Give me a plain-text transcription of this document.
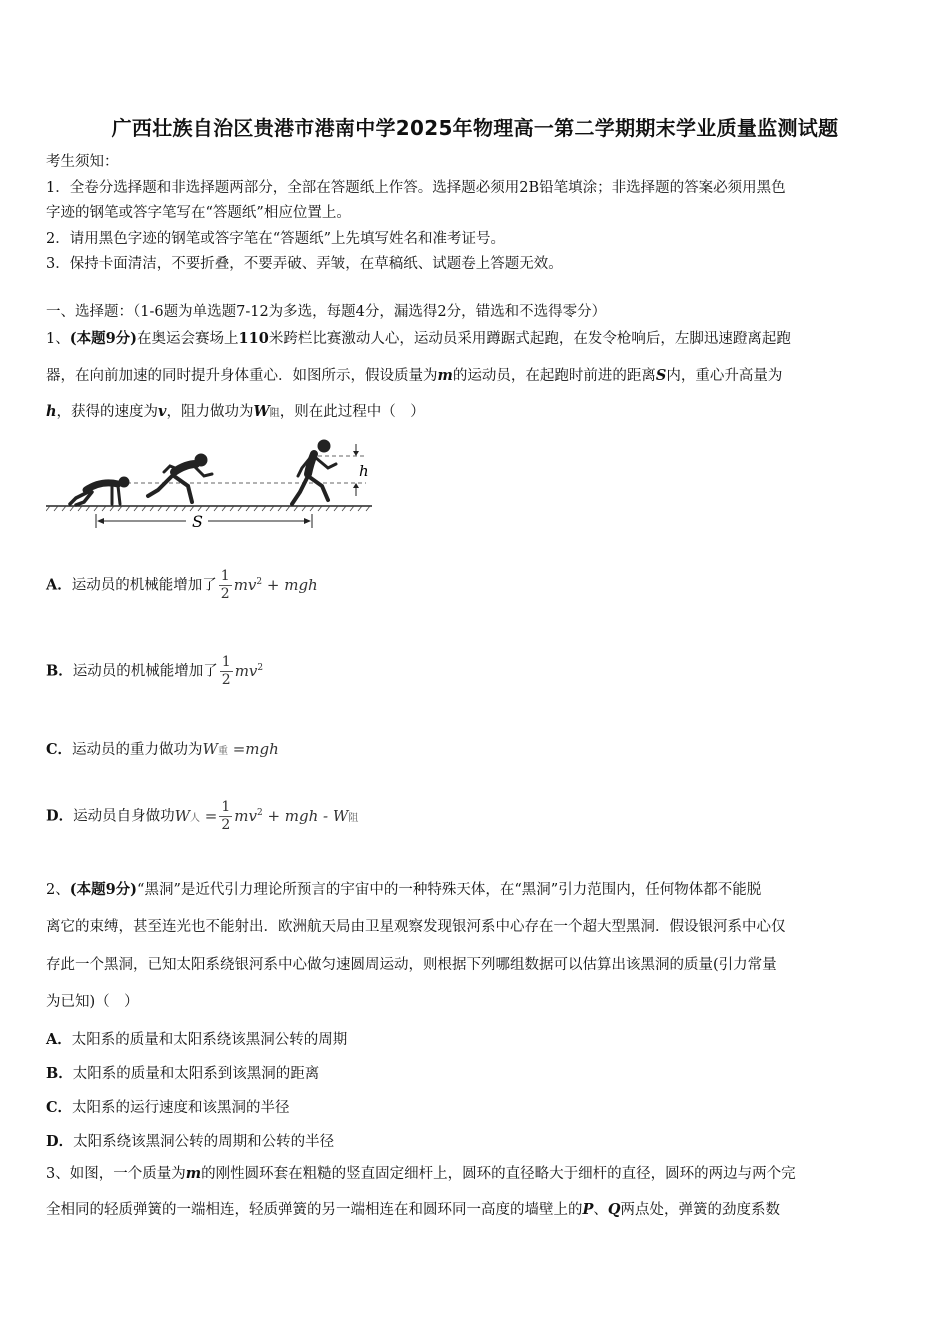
广西壮族自治区贵港市港南中学2025年物理高一第二学期期末学业质量监测试题
考生须知：
1．全卷分选择题和非选择题两部分，全部在答题纸上作答。选择题必须用2B铅笔填涂；非选择题的答案必须用黑色
字迹的钢笔或答字笔写在“答题纸”相应位置上。
2．请用黑色字迹的钢笔或答字笔在“答题纸”上先填写姓名和准考证号。
3．保持卡面清洁，不要折叠，不要弄破、弄皱，在草稿纸、试题卷上答题无效。
一、选择题：（1-6题为单选题7-12为多选，每题4分，漏选得2分，错选和不选得零分）
1、(本题9分)在奥运会赛场上110米跨栏比赛激动人心，运动员采用蹲踞式起跑，在发令枪响后，左脚迅速蹬离起跑
器，在向前加速的同时提升身体重心．如图所示，假设质量为m的运动员，在起跑时前进的距离S内，重心升高量为
h，获得的速度为v，阻力做功为W阻，则在此过程中（　）
h
S
A．运动员的机械能增加了 $\frac{1}{2} mv^2$ + mgh
B．运动员的机械能增加了 $\frac{1}{2} mv^2$
C．运动员的重力做功为W重 =mgh
D．运动员自身做功W人 = $\frac{1}{2} mv^2$ + mgh - W阻
2、(本题9分)“黑洞”是近代引力理论所预言的宇宙中的一种特殊天体，在“黑洞”引力范围内，任何物体都不能脱
离它的束缚，甚至连光也不能射出．欧洲航天局由卫星观察发现银河系中心存在一个超大型黑洞．假设银河系中心仅
存此一个黑洞，已知太阳系绕银河系中心做匀速圆周运动，则根据下列哪组数据可以估算出该黑洞的质量(引力常量
为已知)（　）
A．太阳系的质量和太阳系绕该黑洞公转的周期
B．太阳系的质量和太阳系到该黑洞的距离
C．太阳系的运行速度和该黑洞的半径
D．太阳系绕该黑洞公转的周期和公转的半径
3、如图，一个质量为m的刚性圆环套在粗糙的竖直固定细杆上，圆环的直径略大于细杆的直径，圆环的两边与两个完
全相同的轻质弹簧的一端相连，轻质弹簧的另一端相连在和圆环同一高度的墙壁上的P、Q两点处，弹簧的劲度系数
